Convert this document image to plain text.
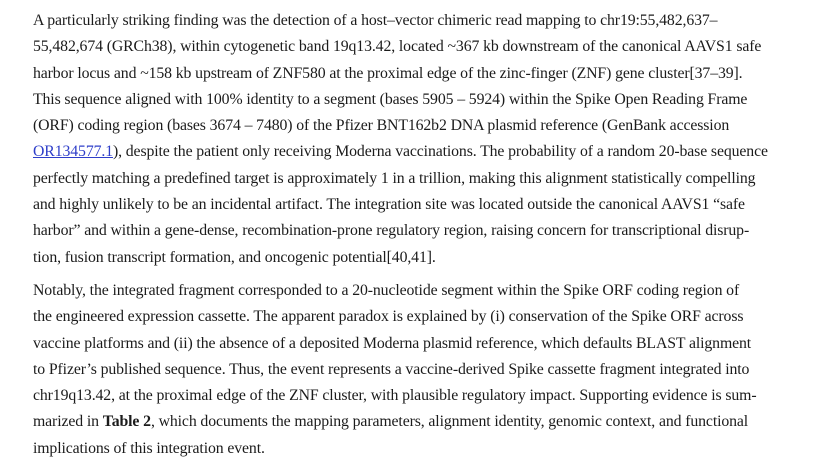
A particularly striking finding was the detection of a host–vector chimeric read mapping to chr19:55,482,637–
55,482,674 (GRCh38), within cytogenetic band 19q13.42, located ~367 kb downstream of the canonical AAVS1 safe
harbor locus and ~158 kb upstream of ZNF580 at the proximal edge of the zinc-finger (ZNF) gene cluster[37–39].
This sequence aligned with 100% identity to a segment (bases 5905 – 5924) within the Spike Open Reading Frame
(ORF) coding region (bases 3674 – 7480) of the Pfizer BNT162b2 DNA plasmid reference (GenBank accession
OR134577.1), despite the patient only receiving Moderna vaccinations. The probability of a random 20-base sequence
perfectly matching a predefined target is approximately 1 in a trillion, making this alignment statistically compelling
and highly unlikely to be an incidental artifact. The integration site was located outside the canonical AAVS1 “safe
harbor” and within a gene-dense, recombination-prone regulatory region, raising concern for transcriptional disrup-
tion, fusion transcript formation, and oncogenic potential[40,41].
Notably, the integrated fragment corresponded to a 20-nucleotide segment within the Spike ORF coding region of
the engineered expression cassette. The apparent paradox is explained by (i) conservation of the Spike ORF across
vaccine platforms and (ii) the absence of a deposited Moderna plasmid reference, which defaults BLAST alignment
to Pfizer’s published sequence. Thus, the event represents a vaccine-derived Spike cassette fragment integrated into
chr19q13.42, at the proximal edge of the ZNF cluster, with plausible regulatory impact. Supporting evidence is sum-
marized in Table 2, which documents the mapping parameters, alignment identity, genomic context, and functional
implications of this integration event.
